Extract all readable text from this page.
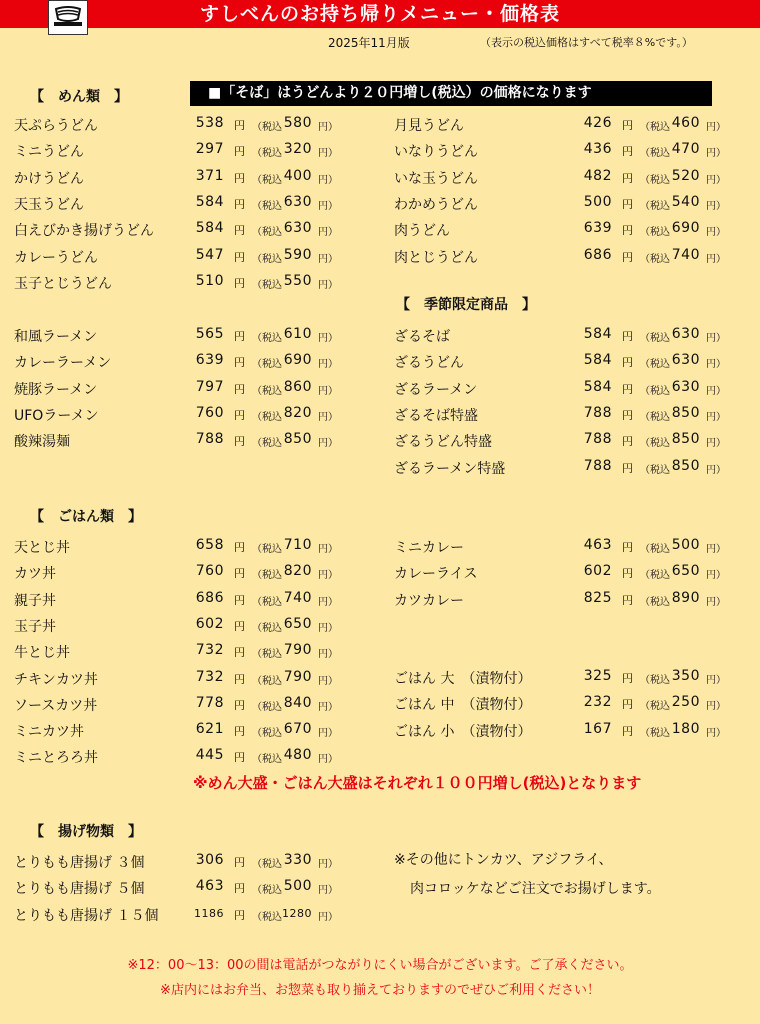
すしべんのお持ち帰りメニュー・価格表
2025年11月版	（表示の税込価格はすべて税率８%です。）
【　めん類　】	■「そば」はうどんより２０円増し(税込）の価格になります
天ぷらうどん	538 円 （税込 580 円）
ミニうどん	297 円 （税込 320 円）
かけうどん	371 円 （税込 400 円）
天玉うどん	584 円 （税込 630 円）
白えびかき揚げうどん	584 円 （税込 630 円）
カレーうどん	547 円 （税込 590 円）
玉子とじうどん	510 円 （税込 550 円）
月見うどん	426 円 （税込 460 円）
いなりうどん	436 円 （税込 470 円）
いな玉うどん	482 円 （税込 520 円）
わかめうどん	500 円 （税込 540 円）
肉うどん	639 円 （税込 690 円）
肉とじうどん	686 円 （税込 740 円）
【　季節限定商品　】
和風ラーメン	565 円 （税込 610 円）
カレーラーメン	639 円 （税込 690 円）
焼豚ラーメン	797 円 （税込 860 円）
UFOラーメン	760 円 （税込 820 円）
酸辣湯麺	788 円 （税込 850 円）
ざるそば	584 円 （税込 630 円）
ざるうどん	584 円 （税込 630 円）
ざるラーメン	584 円 （税込 630 円）
ざるそば特盛	788 円 （税込 850 円）
ざるうどん特盛	788 円 （税込 850 円）
ざるラーメン特盛	788 円 （税込 850 円）
【　ごはん類　】
天とじ丼	658 円 （税込 710 円）
カツ丼	760 円 （税込 820 円）
親子丼	686 円 （税込 740 円）
玉子丼	602 円 （税込 650 円）
牛とじ丼	732 円 （税込 790 円）
チキンカツ丼	732 円 （税込 790 円）
ソースカツ丼	778 円 （税込 840 円）
ミニカツ丼	621 円 （税込 670 円）
ミニとろろ丼	445 円 （税込 480 円）
ミニカレー	463 円 （税込 500 円）
カレーライス	602 円 （税込 650 円）
カツカレー	825 円 （税込 890 円）
ごはん 大　（漬物付）	325 円 （税込 350 円）
ごはん 中　（漬物付）	232 円 （税込 250 円）
ごはん 小　（漬物付）	167 円 （税込 180 円）
※めん大盛・ごはん大盛はそれぞれ１００円増し(税込)となります
【　揚げ物類　】
とりもも唐揚げ ３個	306 円 （税込 330 円）
とりもも唐揚げ ５個	463 円 （税込 500 円）
とりもも唐揚げ １５個	1186 円 （税込 1280 円）
※その他にトンカツ、アジフライ、
肉コロッケなどご注文でお揚げします。
※12：00～13：00の間は電話がつながりにくい場合がございます。ご了承ください。
※店内にはお弁当、お惣菜も取り揃えておりますのでぜひご利用ください！
